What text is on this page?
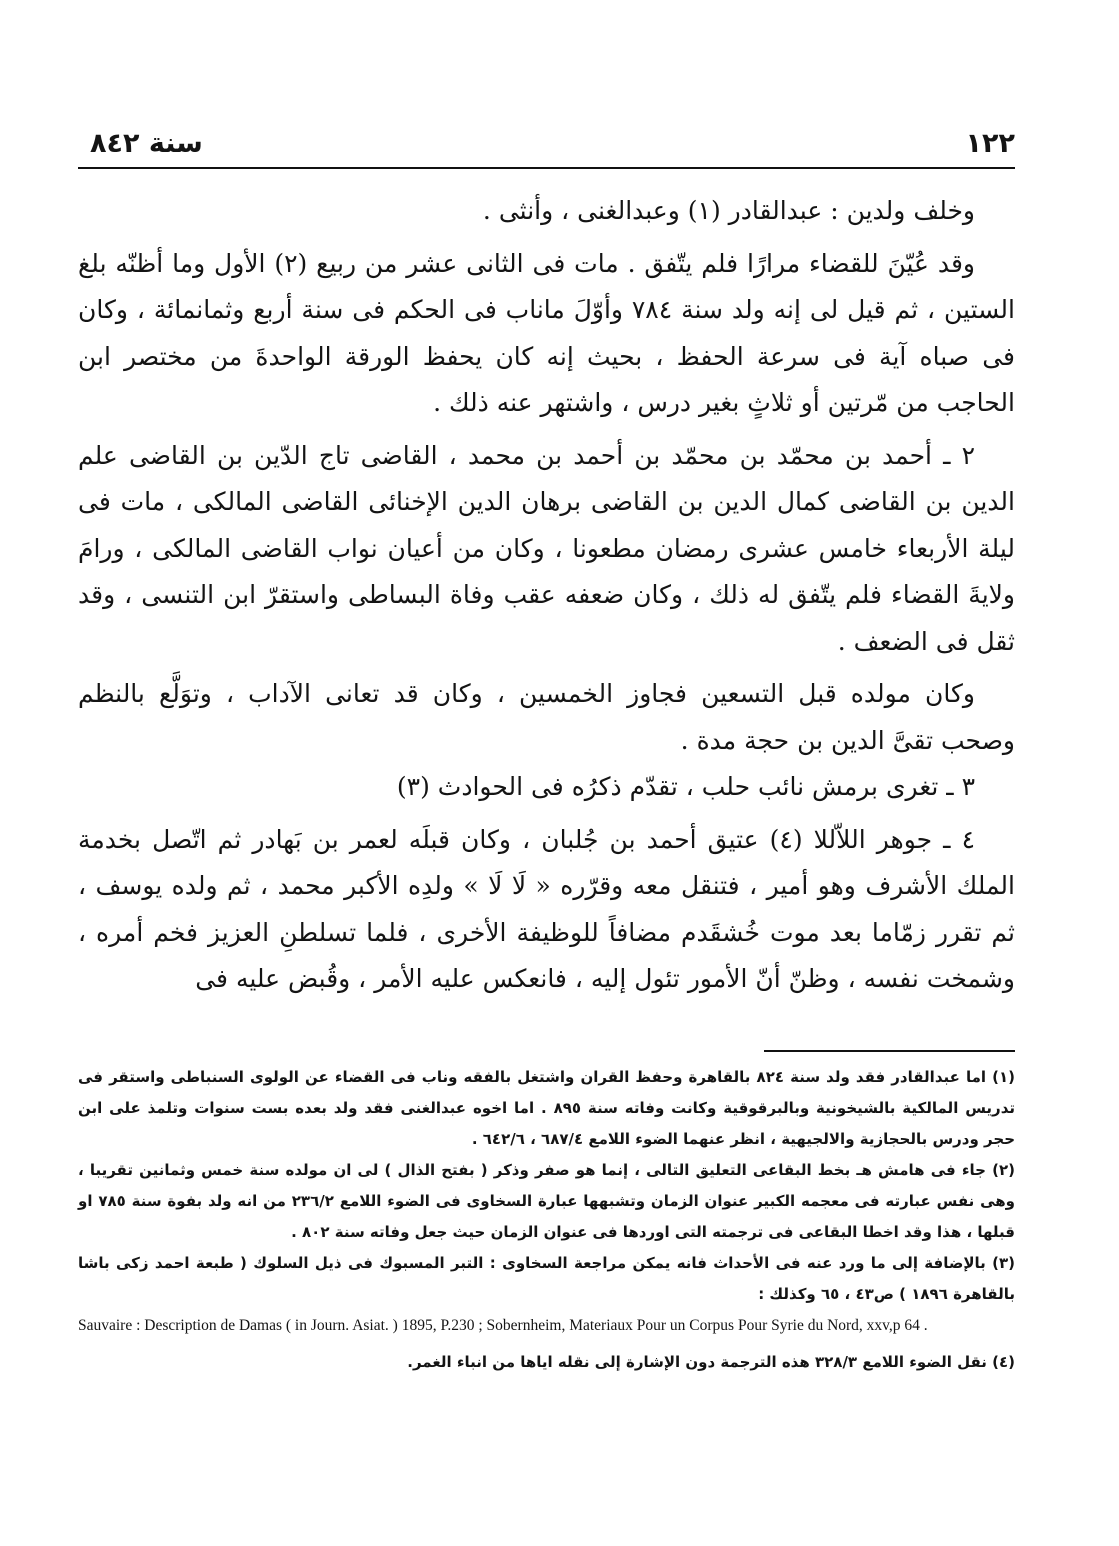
١٢٢
سنة ٨٤٢

وخلف ولدين : عبدالقادر (١) وعبدالغنى ، وأنثى .

وقد عُيّنَ للقضاء مرارًا فلم يتّفق . مات فى الثانى عشر من ربيع (٢) الأول وما أظنّه بلغ الستين ، ثم قيل لى إنه ولد سنة ٧٨٤ وأوّلَ ماناب فى الحكم فى سنة أربع وثمانمائة ، وكان فى صباه آية فى سرعة الحفظ ، بحيث إنه كان يحفظ الورقة الواحدةَ من مختصر ابن الحاجب من مّرتين أو ثلاثٍ بغير درس ، واشتهر عنه ذلك .

٢ ـ أحمد بن محمّد بن محمّد بن أحمد بن محمد ، القاضى تاج الدّين بن القاضى علم الدين بن القاضى كمال الدين بن القاضى برهان الدين الإخنائى القاضى المالكى ، مات فى ليلة الأربعاء خامس عشرى رمضان مطعونا ، وكان من أعيان نواب القاضى المالكى ، ورامَ ولايةَ القضاء فلم يتّفق له ذلك ، وكان ضعفه عقب وفاة البساطى واستقرّ ابن التنسى ، وقد ثقل فى الضعف .

وكان مولده قبل التسعين فجاوز الخمسين ، وكان قد تعانى الآداب ، وتوَلَّع بالنظم وصحب تقىَّ الدين بن حجة مدة .

٣ ـ تغرى برمش نائب حلب ، تقدّم ذكرُه فى الحوادث (٣)

٤ ـ جوهر اللاّللا (٤) عتيق أحمد بن جُلبان ، وكان قبلَه لعمر بن بَهادر ثم اتّصل بخدمة الملك الأشرف وهو أمير ، فتنقل معه وقرّره « لَا لَا » ولدِه الأكبر محمد ، ثم ولده يوسف ، ثم تقرر زمّاما بعد موت خُشقَدم مضافاً للوظيفة الأخرى ، فلما تسلطنِ العزيز فخم أمره ، وشمخت نفسه ، وظنّ أنّ الأمور تئول إليه ، فانعكس عليه الأمر ، وقُبض عليه فى

(١) اما عبدالقادر فقد ولد سنة ٨٢٤ بالقاهرة وحفظ القران واشتغل بالفقه وناب فى القضاء عن الولوى السنباطى واستقر فى تدريس المالكية بالشيخونية وبالبرقوقية وكانت وفاته سنة ٨٩٥ . اما اخوه عبدالغنى فقد ولد بعده بست سنوات وتلمذ على ابن حجر ودرس بالحجازية والالجيهية ، انظر عنهما الضوء اللامع ٦٨٧/٤ ، ٦٤٢/٦ .

(٢) جاء فى هامش هـ بخط البقاعى التعليق التالى ، إنما هو صفر وذكر ( بفتح الذال ) لى ان مولده سنة خمس وثمانين تقريبا ، وهى نفس عبارته فى معجمه الكبير عنوان الزمان وتشبهها عبارة السخاوى فى الضوء اللامع ٢٣٦/٢ من انه ولد بفوة سنة ٧٨٥ او قبلها ، هذا وقد اخطا البقاعى فى ترجمته التى اوردها فى عنوان الزمان حيث جعل وفاته سنة ٨٠٢ .

(٣) بالإضافة إلى ما ورد عنه فى الأحداث فانه يمكن مراجعة السخاوى : التبر المسبوك فى ذيل السلوك ( طبعة احمد زكى باشا بالقاهرة ١٨٩٦ ) ص٤٣ ، ٦٥ وكذلك :

Sauvaire : Description de Damas ( in Journ. Asiat. ) 1895, P.230 ; Sobernheim, Materiaux Pour un Corpus Pour Syrie du Nord, xxv,p 64 .

(٤) نقل الضوء اللامع ٣٢٨/٣ هذه الترجمة دون الإشارة إلى نقله اياها من انباء الغمر.
